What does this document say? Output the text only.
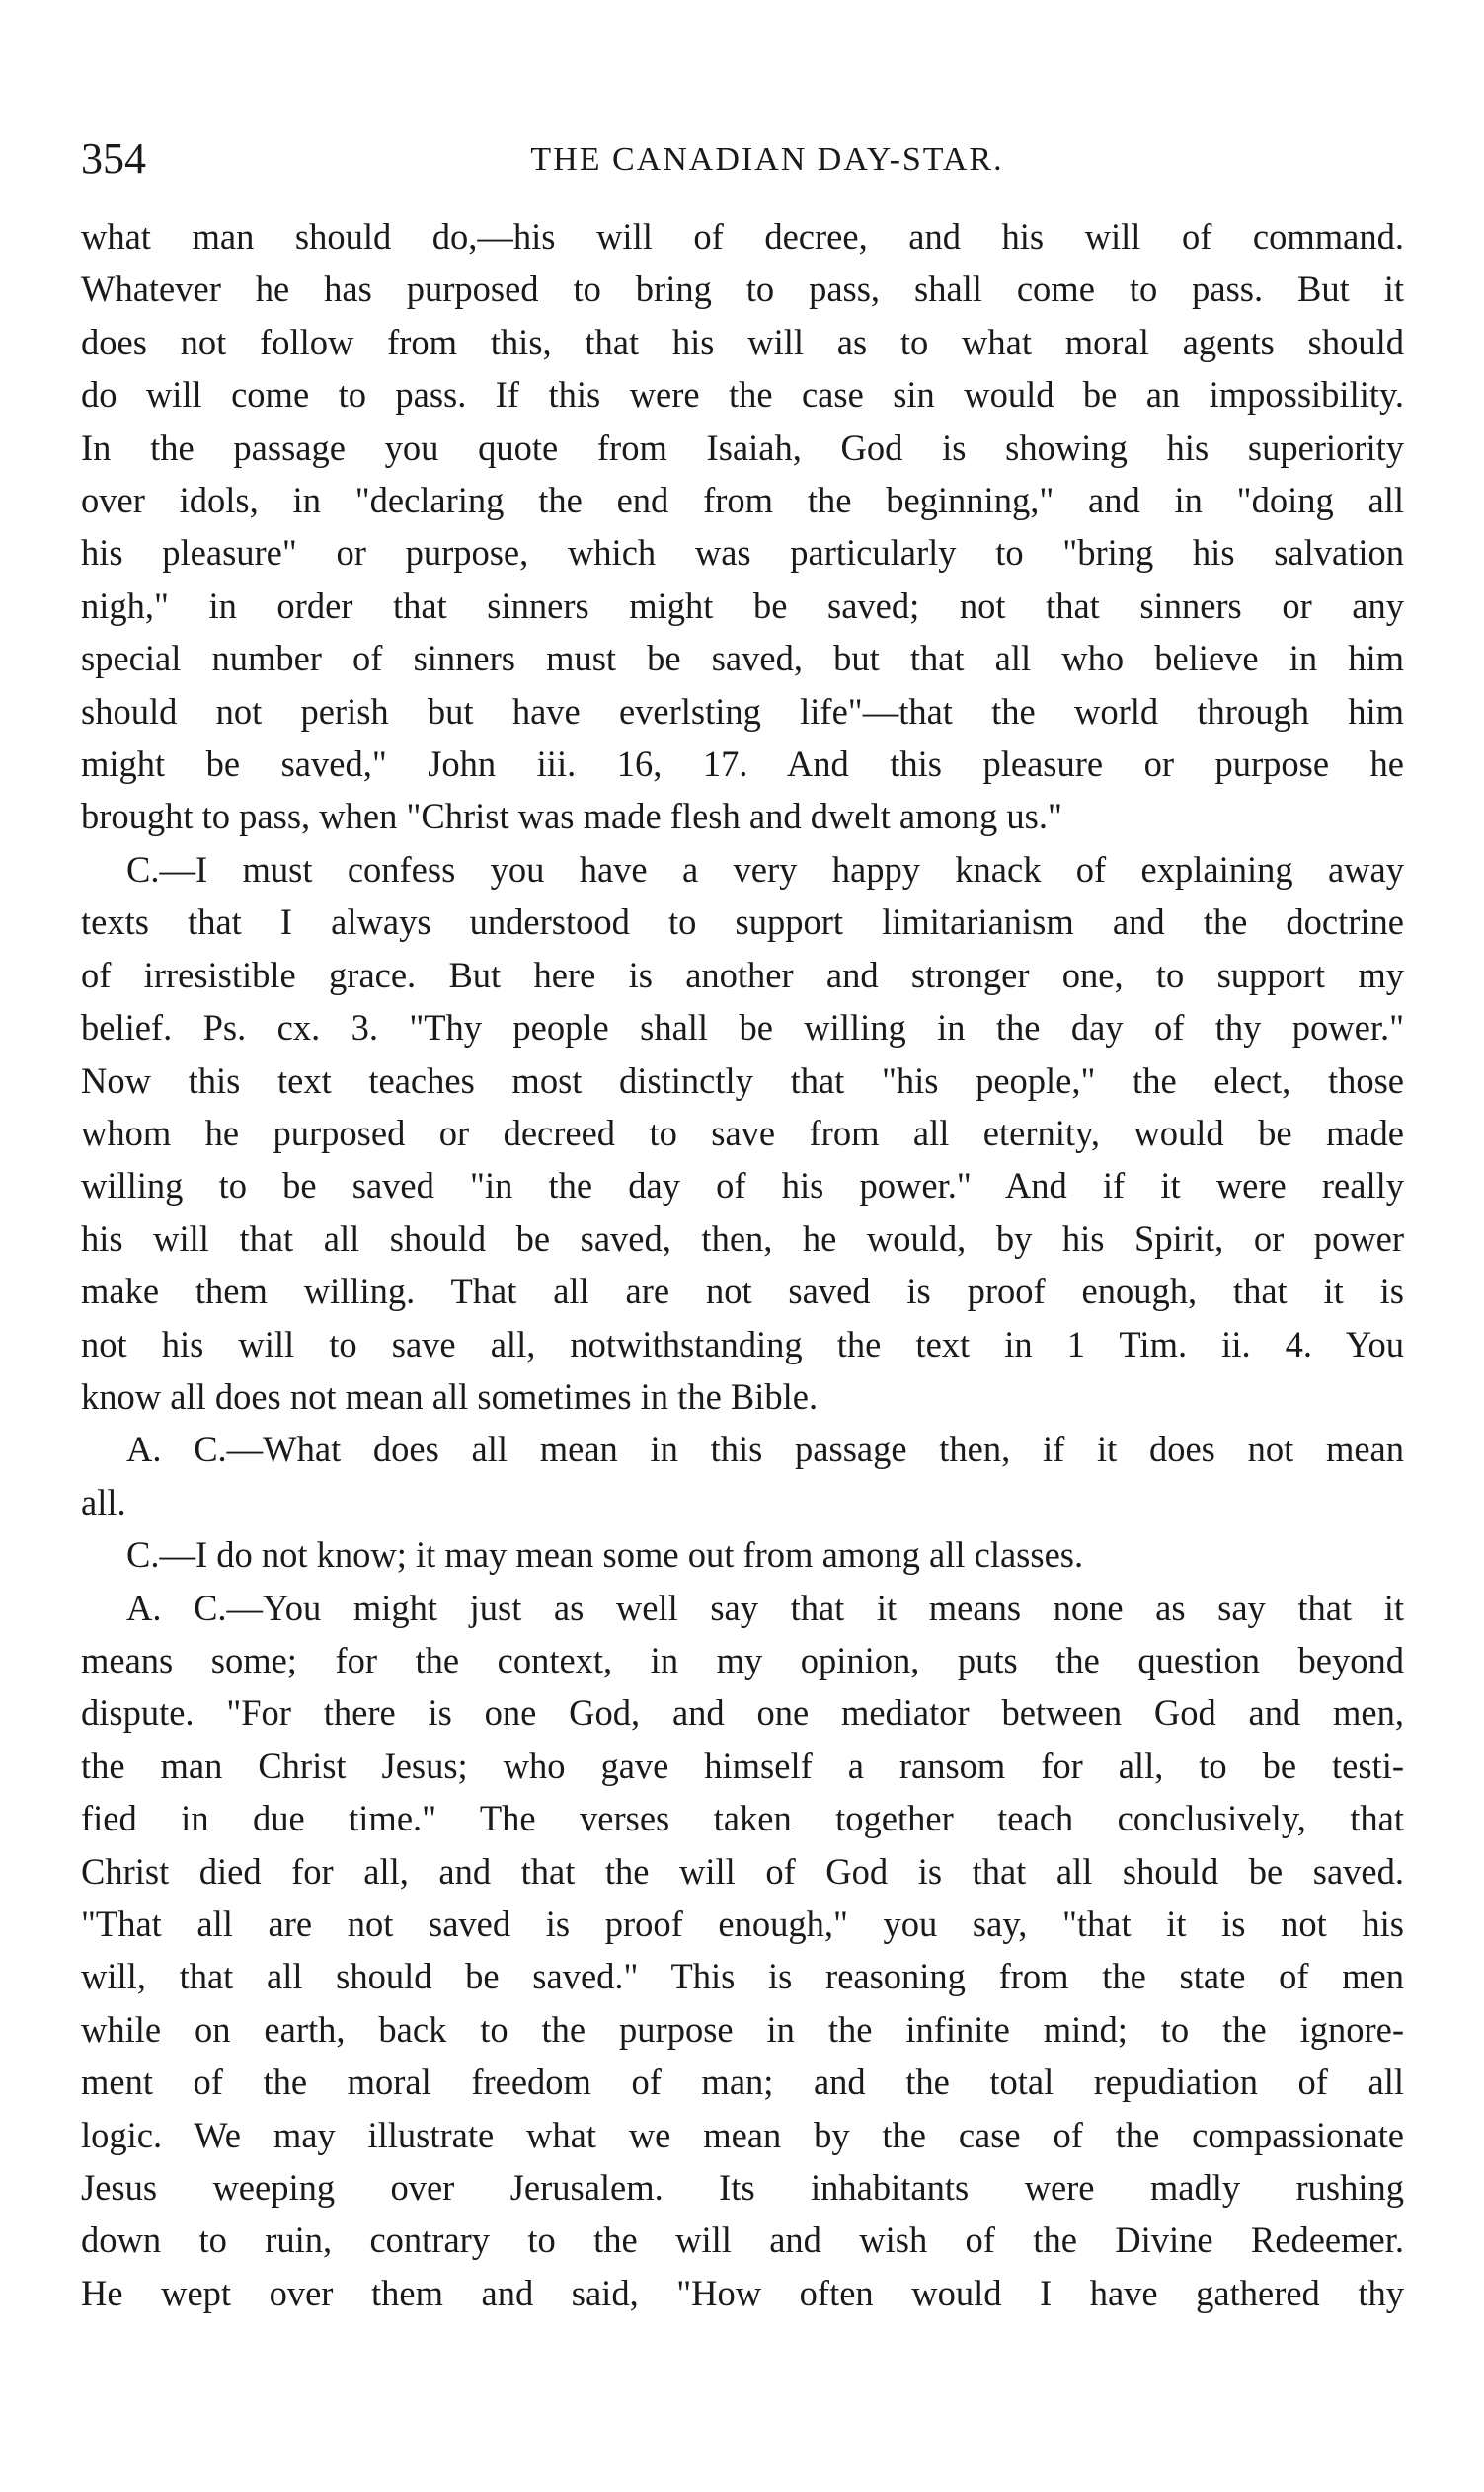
354	THE CANADIAN DAY-STAR.
what man should do,—his will of decree, and his will of command.
Whatever he has purposed to bring to pass, shall come to pass. But it
does not follow from this, that his will as to what moral agents should
do will come to pass. If this were the case sin would be an impossibility.
In the passage you quote from Isaiah, God is showing his superiority
over idols, in "declaring the end from the beginning," and in "doing all
his pleasure" or purpose, which was particularly to "bring his salvation
nigh," in order that sinners might be saved; not that sinners or any
special number of sinners must be saved, but that all who believe in him
should not perish but have everlsting life"—that the world through him
might be saved," John iii. 16, 17. And this pleasure or purpose he
brought to pass, when "Christ was made flesh and dwelt among us."
C.—I must confess you have a very happy knack of explaining away
texts that I always understood to support limitarianism and the doctrine
of irresistible grace. But here is another and stronger one, to support my
belief. Ps. cx. 3. "Thy people shall be willing in the day of thy power."
Now this text teaches most distinctly that "his people," the elect, those
whom he purposed or decreed to save from all eternity, would be made
willing to be saved "in the day of his power." And if it were really
his will that all should be saved, then, he would, by his Spirit, or power
make them willing. That all are not saved is proof enough, that it is
not his will to save all, notwithstanding the text in 1 Tim. ii. 4. You
know all does not mean all sometimes in the Bible.
A. C.—What does all mean in this passage then, if it does not mean
all.
C.—I do not know; it may mean some out from among all classes.
A. C.—You might just as well say that it means none as say that it
means some; for the context, in my opinion, puts the question beyond
dispute. "For there is one God, and one mediator between God and men,
the man Christ Jesus; who gave himself a ransom for all, to be testi-
fied in due time." The verses taken together teach conclusively, that
Christ died for all, and that the will of God is that all should be saved.
"That all are not saved is proof enough," you say, "that it is not his
will, that all should be saved." This is reasoning from the state of men
while on earth, back to the purpose in the infinite mind; to the ignore-
ment of the moral freedom of man; and the total repudiation of all
logic. We may illustrate what we mean by the case of the compassionate
Jesus weeping over Jerusalem. Its inhabitants were madly rushing
down to ruin, contrary to the will and wish of the Divine Redeemer.
He wept over them and said, "How often would I have gathered thy
